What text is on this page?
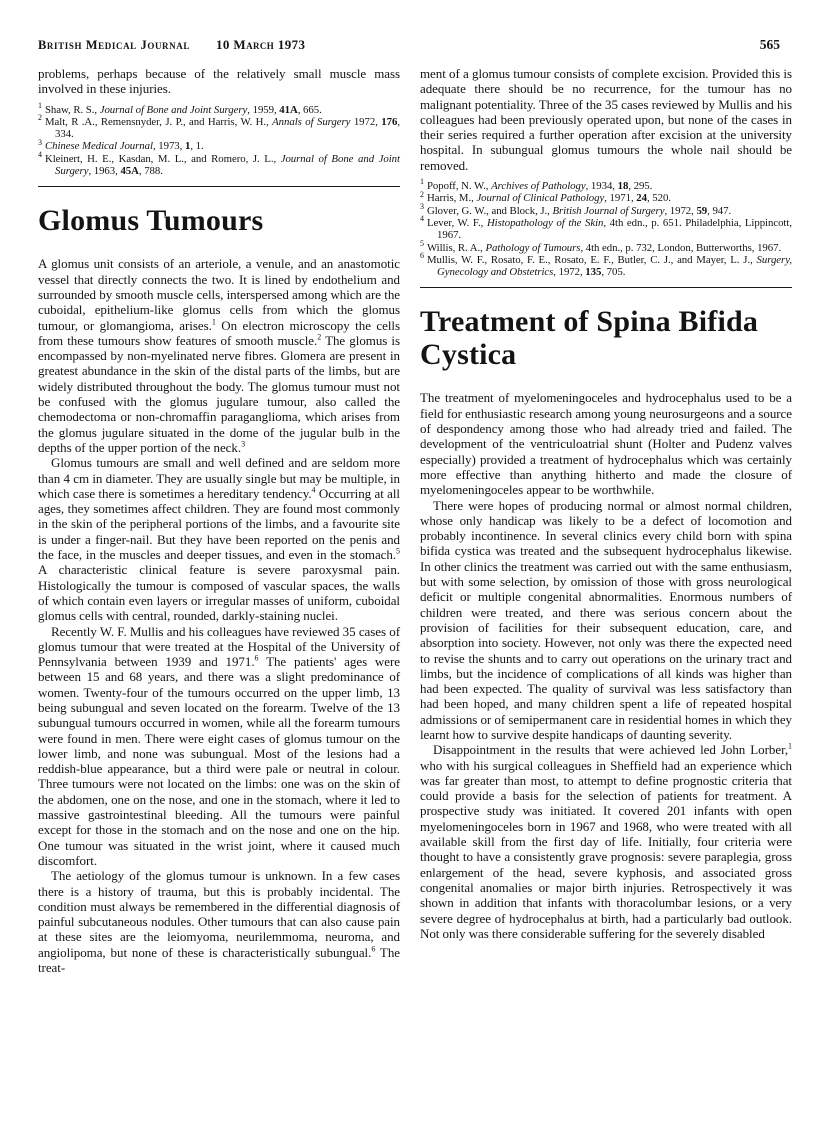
British Medical Journal 10 March 1973	565

problems, perhaps because of the relatively small muscle mass involved in these injuries.

$^1$ Shaw, R. S., Journal of Bone and Joint Surgery, 1959, 41A, 665.
$^2$ Malt, R .A., Remensnyder, J. P., and Harris, W. H., Annals of Surgery 1972, 176, 334.
$^3$ Chinese Medical Journal, 1973, 1, 1.
$^4$ Kleinert, H. E., Kasdan, M. L., and Romero, J. L., Journal of Bone and Joint Surgery, 1963, 45A, 788.
Glomus Tumours

A glomus unit consists of an arteriole, a venule, and an anastomotic vessel that directly connects the two. It is lined by endothelium and surrounded by smooth muscle cells, interspersed among which are the cuboidal, epithelium-like glomus cells from which the glomus tumour, or glomangioma, arises.$^1$ On electron microscopy the cells from these tumours show features of smooth muscle.$^2$ The glomus is encompassed by non-myelinated nerve fibres. Glomera are present in greatest abundance in the skin of the distal parts of the limbs, but are widely distributed throughout the body. The glomus tumour must not be confused with the glomus jugulare tumour, also called the chemodectoma or non-chromaffin paraganglioma, which arises from the glomus jugulare situated in the dome of the jugular bulb in the depths of the upper portion of the neck.$^3$

Glomus tumours are small and well defined and are seldom more than 4 cm in diameter. They are usually single but may be multiple, in which case there is sometimes a hereditary tendency.$^4$ Occurring at all ages, they sometimes affect children. They are found most commonly in the skin of the peripheral portions of the limbs, and a favourite site is under a finger-nail. But they have been reported on the penis and the face, in the muscles and deeper tissues, and even in the stomach.$^5$ A characteristic clinical feature is severe paroxysmal pain. Histologically the tumour is composed of vascular spaces, the walls of which contain even layers or irregular masses of uniform, cuboidal glomus cells with central, rounded, darkly-staining nuclei.

Recently W. F. Mullis and his colleagues have reviewed 35 cases of glomus tumour that were treated at the Hospital of the University of Pennsylvania between 1939 and 1971.$^6$ The patients' ages were between 15 and 68 years, and there was a slight predominance of women. Twenty-four of the tumours occurred on the upper limb, 13 being subungual and seven located on the forearm. Twelve of the 13 subungual tumours occurred in women, while all the forearm tumours were found in men. There were eight cases of glomus tumour on the lower limb, and none was subungual. Most of the lesions had a reddish-blue appearance, but a third were pale or neutral in colour. Three tumours were not located on the limbs: one was on the skin of the abdomen, one on the nose, and one in the stomach, where it led to massive gastrointestinal bleeding. All the tumours were painful except for those in the stomach and on the nose and one on the hip. One tumour was situated in the wrist joint, where it caused much discomfort.

The aetiology of the glomus tumour is unknown. In a few cases there is a history of trauma, but this is probably incidental. The condition must always be remembered in the differential diagnosis of painful subcutaneous nodules. Other tumours that can also cause pain at these sites are the leiomyoma, neurilemmoma, neuroma, and angiolipoma, but none of these is characteristically subungual.$^6$ The treat-

ment of a glomus tumour consists of complete excision. Provided this is adequate there should be no recurrence, for the tumour has no malignant potentiality. Three of the 35 cases reviewed by Mullis and his colleagues had been previously operated upon, but none of the cases in their series required a further operation after excision at the university hospital. In subungual glomus tumours the whole nail should be removed.

$^1$ Popoff, N. W., Archives of Pathology, 1934, 18, 295.
$^2$ Harris, M., Journal of Clinical Pathology, 1971, 24, 520.
$^3$ Glover, G. W., and Block, J., British Journal of Surgery, 1972, 59, 947.
$^4$ Lever, W. F., Histopathology of the Skin, 4th edn., p. 651. Philadelphia, Lippincott, 1967.
$^5$ Willis, R. A., Pathology of Tumours, 4th edn., p. 732, London, Butterworths, 1967.
$^6$ Mullis, W. F., Rosato, F. E., Rosato, E. F., Butler, C. J., and Mayer, L. J., Surgery, Gynecology and Obstetrics, 1972, 135, 705.
Treatment of Spina Bifida Cystica

The treatment of myelomeningoceles and hydrocephalus used to be a field for enthusiastic research among young neurosurgeons and a source of despondency among those who had already tried and failed. The development of the ventriculoatrial shunt (Holter and Pudenz valves especially) provided a treatment of hydrocephalus which was certainly more effective than anything hitherto and made the closure of myelomeningoceles appear to be worthwhile.

There were hopes of producing normal or almost normal children, whose only handicap was likely to be a defect of locomotion and probably incontinence. In several clinics every child born with spina bifida cystica was treated and the subsequent hydrocephalus likewise. In other clinics the treatment was carried out with the same enthusiasm, but with some selection, by omission of those with gross neurological deficit or multiple congenital abnormalities. Enormous numbers of children were treated, and there was serious concern about the provision of facilities for their subsequent education, care, and absorption into society. However, not only was there the expected need to revise the shunts and to carry out operations on the urinary tract and limbs, but the incidence of complications of all kinds was higher than had been expected. The quality of survival was less satisfactory than had been hoped, and many children spent a life of repeated hospital admissions or of semipermanent care in residential homes in which they learnt how to survive despite handicaps of daunting severity.

Disappointment in the results that were achieved led John Lorber,$^1$ who with his surgical colleagues in Sheffield had an experience which was far greater than most, to attempt to define prognostic criteria that could provide a basis for the selection of patients for treatment. A prospective study was initiated. It covered 201 infants with open myelomeningoceles born in 1967 and 1968, who were treated with all available skill from the first day of life. Initially, four criteria were thought to have a consistently grave prognosis: severe paraplegia, gross enlargement of the head, severe kyphosis, and associated gross congenital anomalies or major birth injuries. Retrospectively it was shown in addition that infants with thoracolumbar lesions, or a very severe degree of hydrocephalus at birth, had a particularly bad outlook. Not only was there considerable suffering for the severely disabled
